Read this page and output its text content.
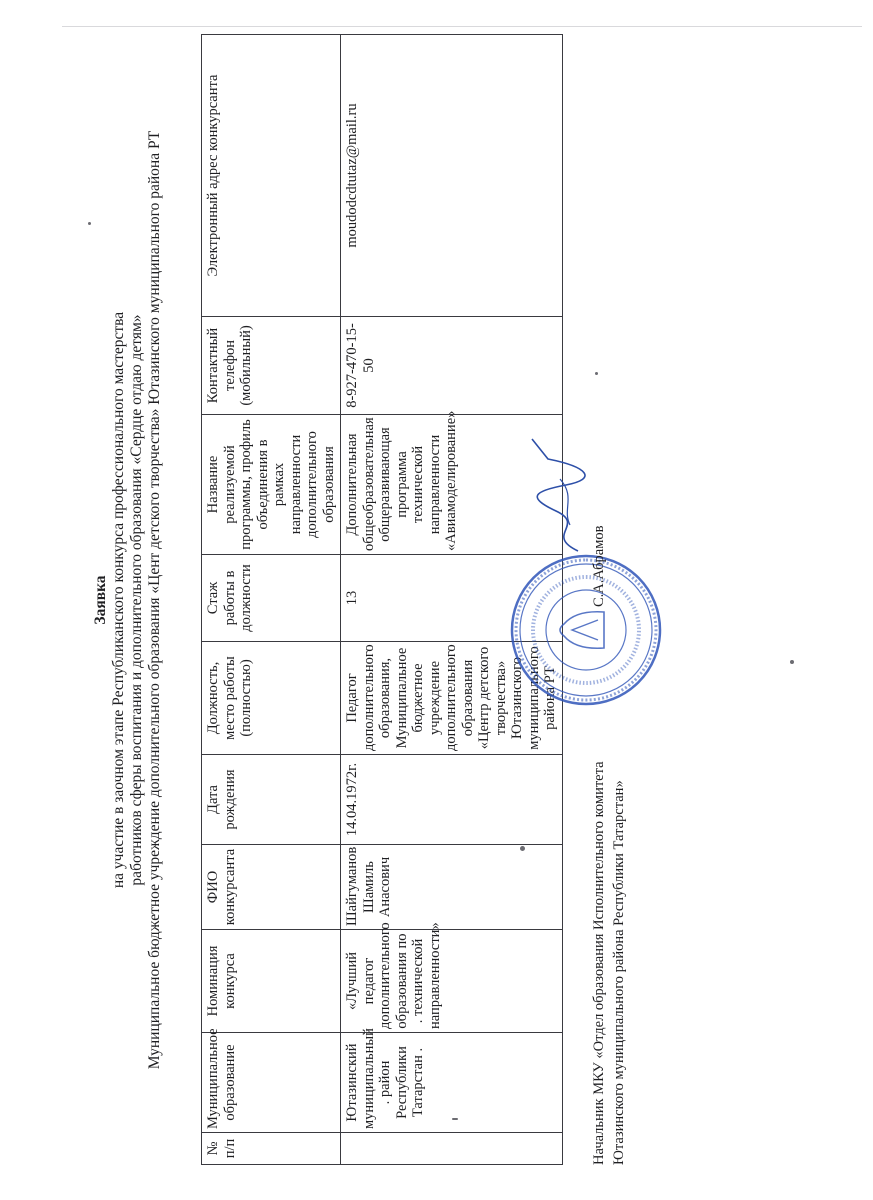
Заявка на участие в заочном этапе Республиканского конкурса профессионального мастерства работников сферы воспитания и дополнительного образования «Сердце отдаю детям» Муниципальное бюджетное учреждение дополнительного образования «Цент детского творчества» Ютазинского муниципального района РТ
№ п/п	Муниципальное образование	Номинация конкурса	ФИО конкурсанта	Дата рождения	Должность, место работы (полностью)	Стаж работы в должности	Название реализуемой программы, профиль объединения в рамках направленности дополнительного образования	Контактный телефон (мобильный)	Электронный адрес конкурсанта
	Ютазинский муниципальный . район Республики Татарстан .	«Лучший педагог дополнительного образования по . технической направленности»	Шайгуманов Шамиль Анасович	14.04.1972г.	Педагог дополнительного образования, Муниципальное бюджетное учреждение дополнительного образования «Центр детского творчества» Ютазинского муниципального района РТ	13	Дополнительная общеобразовательная общеразвивающая программа технической направленности «Авиамоделирование»	8-927-470-15-50	moudodcdtutaz@mail.ru
Начальник МКУ «Отдел образования Исполнительного комитета Ютазинского муниципального района Республики Татарстан»
С.А.Абрамов
